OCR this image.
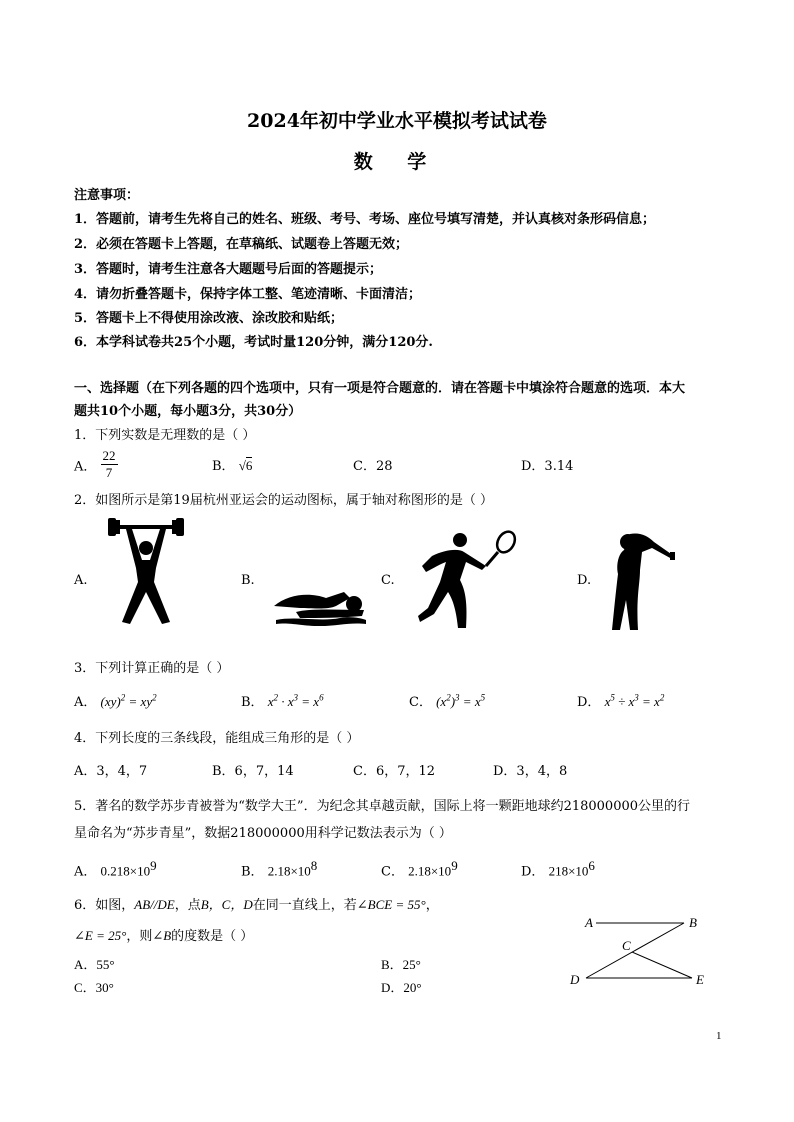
2024年初中学业水平模拟考试试卷
数 学
注意事项：
1．答题前，请考生先将自己的姓名、班级、考号、考场、座位号填写清楚，并认真核对条形码信息；
2．必须在答题卡上答题，在草稿纸、试题卷上答题无效；
3．答题时，请考生注意各大题题号后面的答题提示；
4．请勿折叠答题卡，保持字体工整、笔迹清晰、卡面清洁；
5．答题卡上不得使用涂改液、涂改胶和贴纸；
6．本学科试卷共25个小题，考试时量120分钟，满分120分.
一、选择题（在下列各题的四个选项中，只有一项是符合题意的．请在答题卡中填涂符合题意的选项．本大
题共10个小题，每小题3分，共30分）
1．下列实数是无理数的是（ ）
A． $\frac{22}{7}$	B． √6	C．28	D．3.14
2．如图所示是第19届杭州亚运会的运动图标，属于轴对称图形的是（ ）
A.	B.	C.	D.
3．下列计算正确的是（ ）
A． $(xy)^2 = xy^2$	B． $x^2 \cdot x^3 = x^6$	C． $(x^2)^3 = x^5$	D． $x^5 \div x^3 = x^2$
4．下列长度的三条线段，能组成三角形的是（ ）
A．3，4，7	B．6，7，14	C．6，7，12	D．3，4，8
5．著名的数学苏步青被誉为“数学大王”．为纪念其卓越贡献，国际上将一颗距地球约218000000公里的行
星命名为“苏步青星”，数据218000000用科学记数法表示为（ ）
A． $0.218\times 10^9$	B． $2.18\times 10^8$	C． $2.18\times 10^9$	D． $218\times 10^6$
6．如图，AB//DE，点B，C，D在同一直线上，若∠BCE = 55°，
∠E = 25°，则∠B的度数是（ ）
A．55°	B．25°
C．30°	D．20°
A	B
C
D	E
1
